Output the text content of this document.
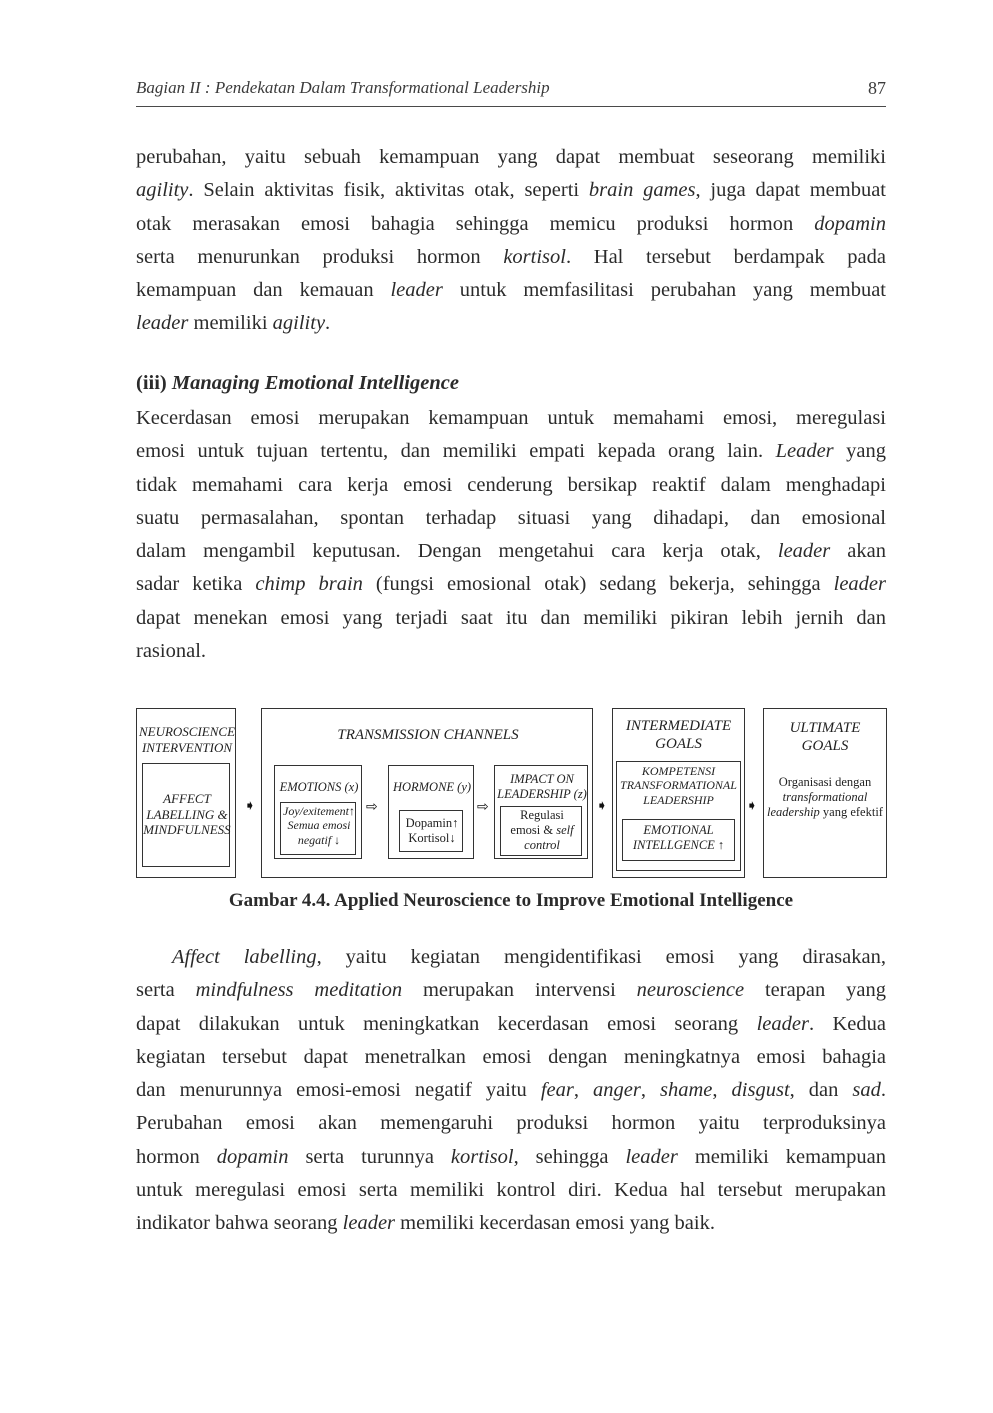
Bagian II : Pendekatan Dalam Transformational Leadership	87

perubahan, yaitu sebuah kemampuan yang dapat membuat seseorang memiliki
agility. Selain aktivitas fisik, aktivitas otak, seperti brain games, juga dapat membuat
otak merasakan emosi bahagia sehingga memicu produksi hormon dopamin
serta menurunkan produksi hormon kortisol. Hal tersebut berdampak pada
kemampuan dan kemauan leader untuk memfasilitasi perubahan yang membuat
leader memiliki agility.

(iii) Managing Emotional Intelligence

Kecerdasan emosi merupakan kemampuan untuk memahami emosi, meregulasi
emosi untuk tujuan tertentu, dan memiliki empati kepada orang lain. Leader yang
tidak memahami cara kerja emosi cenderung bersikap reaktif dalam menghadapi
suatu permasalahan, spontan terhadap situasi yang dihadapi, dan emosional
dalam mengambil keputusan. Dengan mengetahui cara kerja otak, leader akan
sadar ketika chimp brain (fungsi emosional otak) sedang bekerja, sehingga leader
dapat menekan emosi yang terjadi saat itu dan memiliki pikiran lebih jernih dan
rasional.

NEUROSCIENCE
INTERVENTION
AFFECT
LABELLING &
MINDFULNESS
➧
TRANSMISSION CHANNELS
EMOTIONS (x)
Joy/exitement↑
Semua emosi
negatif ↓
⇨
HORMONE (y)
Dopamin↑
Kortisol↓
⇨
IMPACT ON
LEADERSHIP (z)
Regulasi
emosi & self
control
➧
INTERMEDIATE
GOALS
KOMPETENSI
TRANSFORMATIONAL
LEADERSHIP
EMOTIONAL
INTELLGENCE ↑
➧
ULTIMATE
GOALS
Organisasi dengan
transformational
leadership yang efektif
Gambar 4.4. Applied Neuroscience to Improve Emotional Intelligence

Affect labelling, yaitu kegiatan mengidentifikasi emosi yang dirasakan,
serta mindfulness meditation merupakan intervensi neuroscience terapan yang
dapat dilakukan untuk meningkatkan kecerdasan emosi seorang leader. Kedua
kegiatan tersebut dapat menetralkan emosi dengan meningkatnya emosi bahagia
dan menurunnya emosi-emosi negatif yaitu fear, anger, shame, disgust, dan sad.
Perubahan emosi akan memengaruhi produksi hormon yaitu terproduksinya
hormon dopamin serta turunnya kortisol, sehingga leader memiliki kemampuan
untuk meregulasi emosi serta memiliki kontrol diri. Kedua hal tersebut merupakan
indikator bahwa seorang leader memiliki kecerdasan emosi yang baik.
